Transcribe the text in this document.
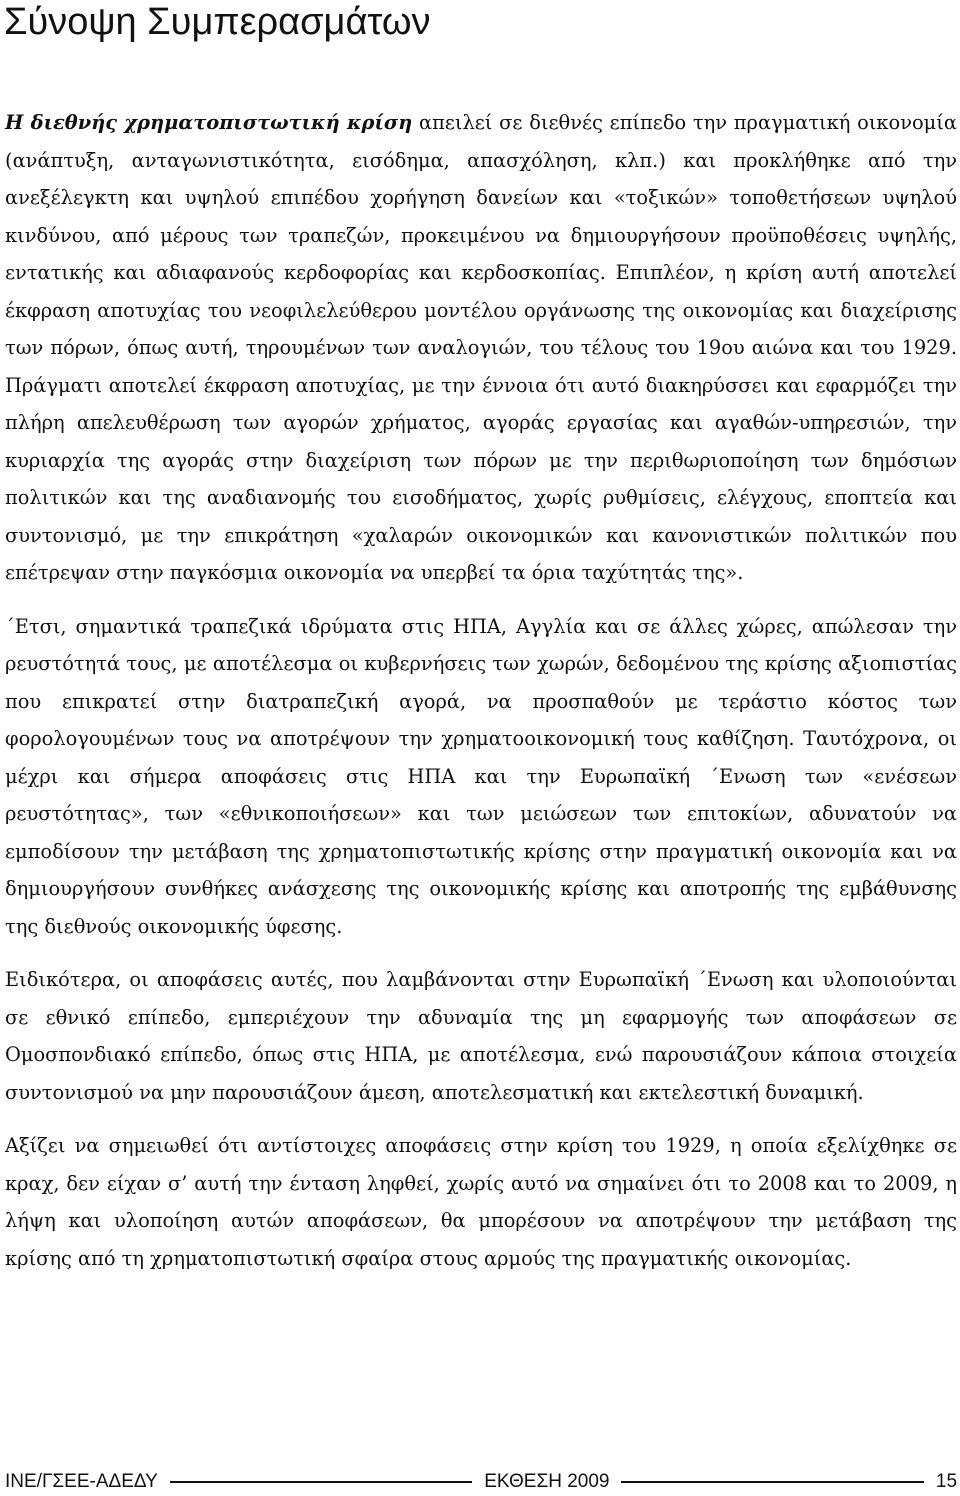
Σύνοψη Συμπερασμάτων

Η διεθνής χρηματοπιστωτική κρίση απειλεί σε διεθνές επίπεδο την πραγματική οικονομία (ανάπτυξη, ανταγωνιστικότητα, εισόδημα, απασχόληση, κλπ.) και προκλήθηκε από την ανεξέλεγκτη και υψηλού επιπέδου χορήγηση δανείων και «τοξικών» τοποθετήσεων υψηλού κινδύνου, από μέρους των τραπεζών, προκειμένου να δημιουργήσουν προϋποθέσεις υψηλής, εντατικής και αδιαφανούς κερδοφορίας και κερδοσκοπίας. Επιπλέον, η κρίση αυτή αποτελεί έκφραση αποτυχίας του νεοφιλελεύθερου μοντέλου οργάνωσης της οικονομίας και διαχείρισης των πόρων, όπως αυτή, τηρουμένων των αναλογιών, του τέλους του 19ου αιώνα και του 1929. Πράγματι αποτελεί έκφραση αποτυχίας, με την έννοια ότι αυτό διακηρύσσει και εφαρμόζει την πλήρη απελευθέρωση των αγορών χρήματος, αγοράς εργασίας και αγαθών-υπηρεσιών, την κυριαρχία της αγοράς στην διαχείριση των πόρων με την περιθωριοποίηση των δημόσιων πολιτικών και της αναδιανομής του εισοδήματος, χωρίς ρυθμίσεις, ελέγχους, εποπτεία και συντονισμό, με την επικράτηση «χαλαρών οικονομικών και κανονιστικών πολιτικών που επέτρεψαν στην παγκόσμια οικονομία να υπερβεί τα όρια ταχύτητάς της».

΄Ετσι, σημαντικά τραπεζικά ιδρύματα στις ΗΠΑ, Αγγλία και σε άλλες χώρες, απώλεσαν την ρευστότητά τους, με αποτέλεσμα οι κυβερνήσεις των χωρών, δεδομένου της κρίσης αξιοπιστίας που επικρατεί στην διατραπεζική αγορά, να προσπαθούν με τεράστιο κόστος των φορολογουμένων τους να αποτρέψουν την χρηματοοικονομική τους καθίζηση. Ταυτόχρονα, οι μέχρι και σήμερα αποφάσεις στις ΗΠΑ και την Ευρωπαϊκή ΄Ενωση των «ενέσεων ρευστότητας», των «εθνικοποιήσεων» και των μειώσεων των επιτοκίων, αδυνατούν να εμποδίσουν την μετάβαση της χρηματοπιστωτικής κρίσης στην πραγματική οικονομία και να δημιουργήσουν συνθήκες ανάσχεσης της οικονομικής κρίσης και αποτροπής της εμβάθυνσης της διεθνούς οικονομικής ύφεσης.

Ειδικότερα, οι αποφάσεις αυτές, που λαμβάνονται στην Ευρωπαϊκή ΄Ενωση και υλοποιούνται σε εθνικό επίπεδο, εμπεριέχουν την αδυναμία της μη εφαρμογής των αποφάσεων σε Ομοσπονδιακό επίπεδο, όπως στις ΗΠΑ, με αποτέλεσμα, ενώ παρουσιάζουν κάποια στοιχεία συντονισμού να μην παρουσιάζουν άμεση, αποτελεσματική και εκτελεστική δυναμική.

Αξίζει να σημειωθεί ότι αντίστοιχες αποφάσεις στην κρίση του 1929, η οποία εξελίχθηκε σε κραχ, δεν είχαν σ’ αυτή την ένταση ληφθεί, χωρίς αυτό να σημαίνει ότι το 2008 και το 2009, η λήψη και υλοποίηση αυτών αποφάσεων, θα μπορέσουν να αποτρέψουν την μετάβαση της κρίσης από τη χρηματοπιστωτική σφαίρα στους αρμούς της πραγματικής οικονομίας.

ΙΝΕ/ΓΣΕΕ-ΑΔΕΔΥ	ΕΚΘΕΣΗ 2009	15
